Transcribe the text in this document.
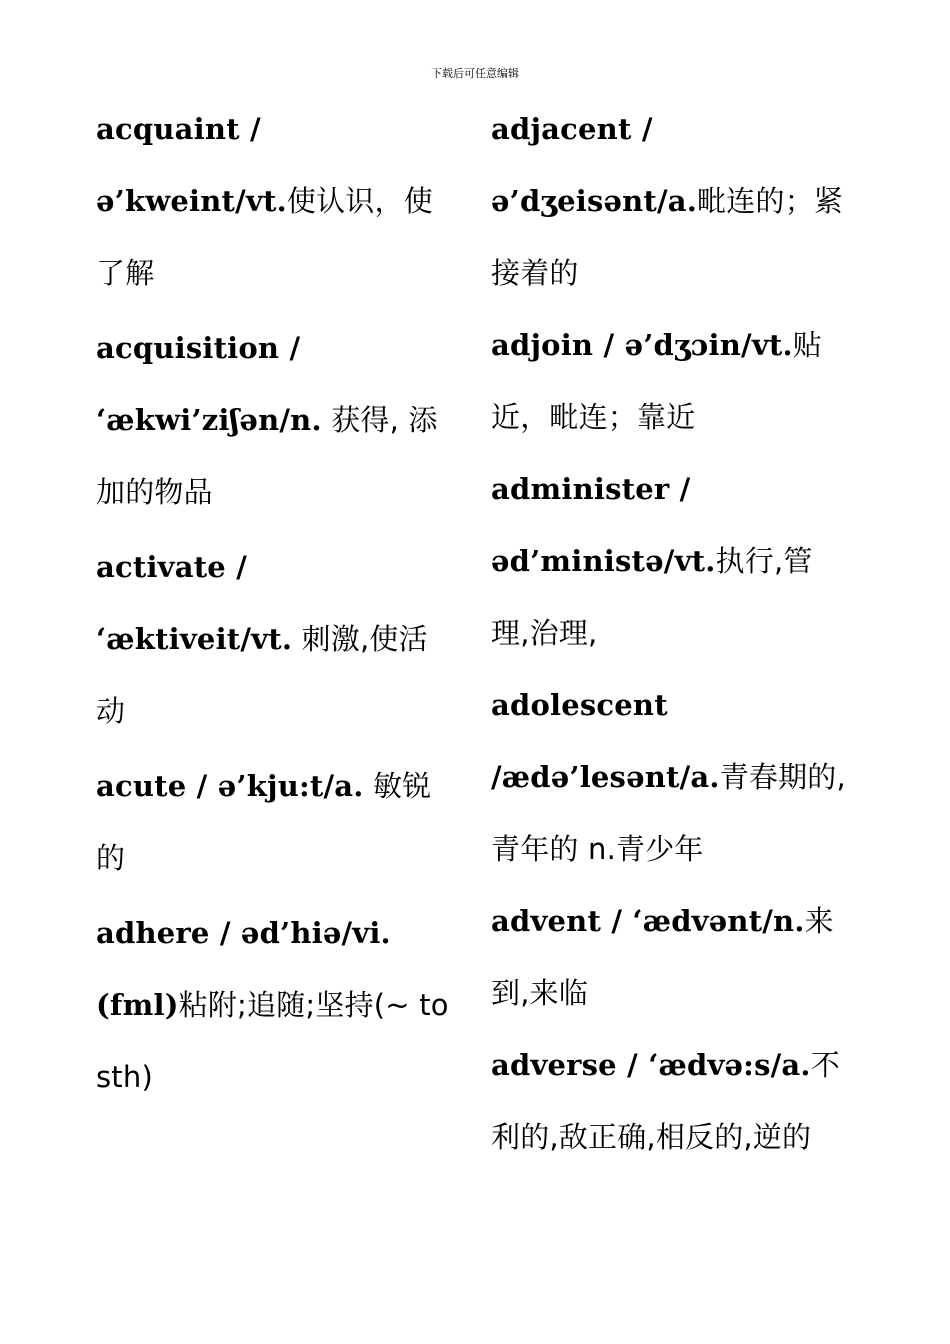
下载后可任意编辑

acquaint /
ə’kweint/vt.使认识，使了解

acquisition /
‘ækwi’ziʃən/n. 获得, 添加的物品

activate /
‘æktiveit/vt. 刺激,使活动

acute / ə’kju:t/a. 敏锐的

adhere / əd’hiə/vi. (fml)粘附;追随;坚持(~ to sth)

adjacent /
ə’dʒeisənt/a.毗连的；紧接着的

adjoin / ə’dʒɔin/vt.贴近，毗连；靠近

administer /
əd’ministə/vt.执行,管理,治理,

adolescent
/ædə’lesənt/a.青春期的,青年的 n.青少年

advent / ‘ædvənt/n.来到,来临

adverse / ‘ædvə:s/a.不利的,敌正确,相反的,逆的
